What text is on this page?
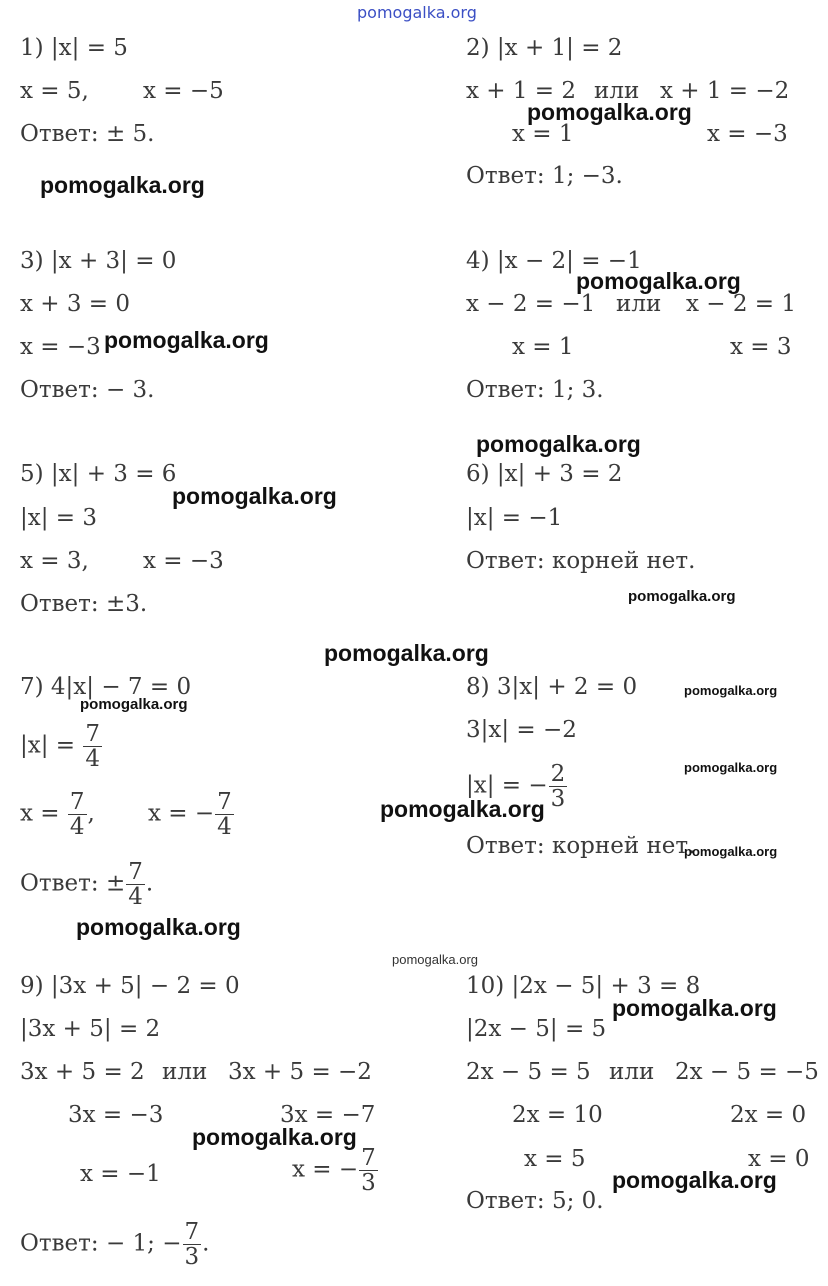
pomogalka.org
1) |x| = 5
x = 5, x = −5
Ответ: ± 5.
2) |x + 1| = 2
x + 1 = 2 или x + 1 = −2
x = 1	x = −3
Ответ: 1; −3.
3) |x + 3| = 0
x + 3 = 0
x = −3
Ответ: − 3.
4) |x − 2| = −1
x − 2 = −1 или x − 2 = 1
x = 1	x = 3
Ответ: 1; 3.
5) |x| + 3 = 6
|x| = 3
x = 3, x = −3
Ответ: ±3.
6) |x| + 3 = 2
|x| = −1
Ответ: корней нет.
7) 4|x| − 7 = 0
$|x| = \frac{7}{4}$
$x = \frac{7}{4}$ , x = − $\frac{7}{4}$
Ответ: ± $\frac{7}{4}$ .
8) 3|x| + 2 = 0
3|x| = −2
|x| = − $\frac{2}{3}$
Ответ: корней нет.
9) |3x + 5| − 2 = 0
|3x + 5| = 2
3x + 5 = 2 или 3x + 5 = −2
3x = −3	3x = −7
x = −1	x = − $\frac{7}{3}$
Ответ: − 1; − $\frac{7}{3}$ .
10) |2x − 5| + 3 = 8
|2x − 5| = 5
2x − 5 = 5 или 2x − 5 = −5
2x = 10	2x = 0
x = 5	x = 0
Ответ: 5; 0.
pomogalka.org
pomogalka.org
pomogalka.org
pomogalka.org
pomogalka.org
pomogalka.org
pomogalka.org
pomogalka.org
pomogalka.org
pomogalka.org
pomogalka.org
pomogalka.org
pomogalka.org
pomogalka.org
pomogalka.org
pomogalka.org
pomogalka.org
pomogalka.org
